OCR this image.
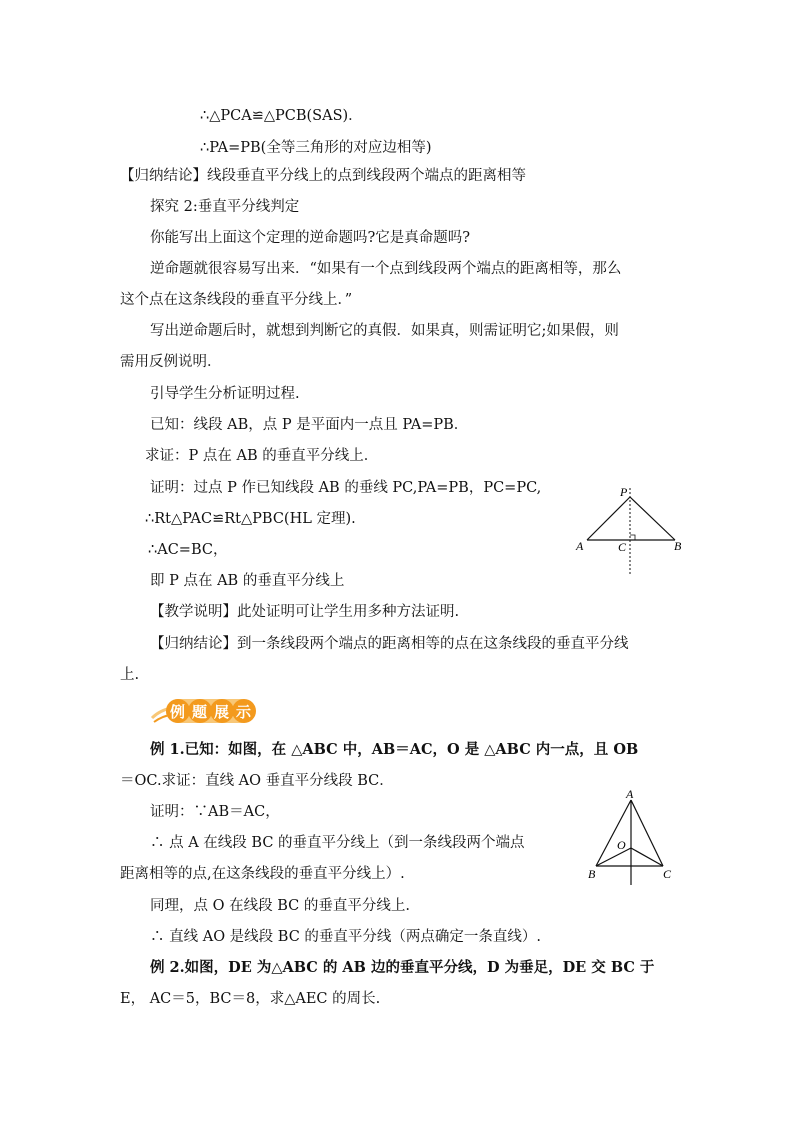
∴△PCA≌△PCB(SAS)．
∴PA=PB(全等三角形的对应边相等)
【归纳结论】线段垂直平分线上的点到线段两个端点的距离相等
探究 2:垂直平分线判定
你能写出上面这个定理的逆命题吗?它是真命题吗?
逆命题就很容易写出来．“如果有一个点到线段两个端点的距离相等，那么
这个点在这条线段的垂直平分线上．”
写出逆命题后时，就想到判断它的真假．如果真，则需证明它;如果假，则
需用反例说明．
引导学生分析证明过程.
已知：线段 AB，点 P 是平面内一点且 PA=PB．
求证：P 点在 AB 的垂直平分线上．
证明：过点 P 作已知线段 AB 的垂线 PC,PA=PB，PC=PC,
∴Rt△PAC≌Rt△PBC(HL 定理).
∴AC=BC，
即 P 点在 AB 的垂直平分线上
【教学说明】此处证明可让学生用多种方法证明.
【归纳结论】到一条线段两个端点的距离相等的点在这条线段的垂直平分线
上.
例 题 展 示
例 1.已知：如图，在 △ABC 中，AB＝AC，O 是 △ABC 内一点，且 OB
＝OC.求证：直线 AO 垂直平分线段 BC．
证明：∵AB＝AC，
∴ 点 A 在线段 BC 的垂直平分线上（到一条线段两个端点
距离相等的点,在这条线段的垂直平分线上）.
同理，点 O 在线段 BC 的垂直平分线上.
∴ 直线 AO 是线段 BC 的垂直平分线（两点确定一条直线）.
例 2.如图，DE 为△ABC 的 AB 边的垂直平分线，D 为垂足，DE 交 BC 于
E， AC＝5，BC＝8，求△AEC 的周长.
P
A	C	B
A
O
B	C
